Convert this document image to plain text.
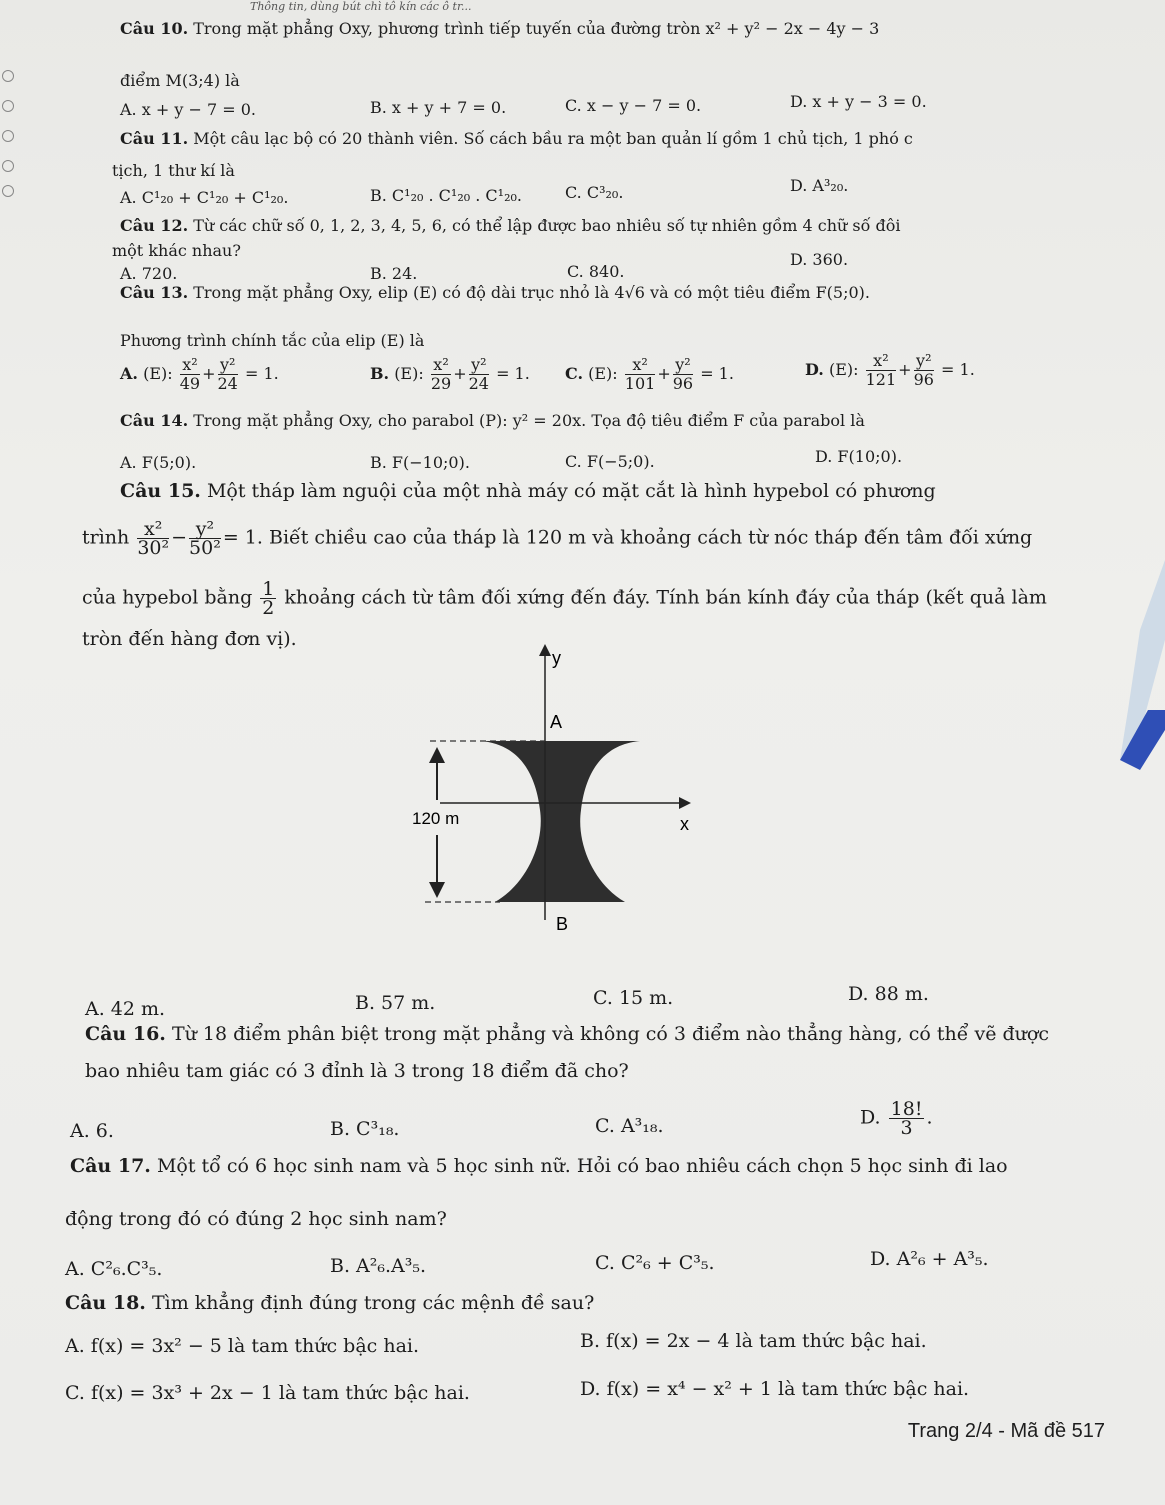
Thông tin, dùng bút chì tô kín các ô tr...
Câu 10. Trong mặt phẳng Oxy, phương trình tiếp tuyến của đường tròn x² + y² − 2x − 4y − 3
điểm M(3;4) là
A. x + y − 7 = 0.	B. x + y + 7 = 0.	C. x − y − 7 = 0.	D. x + y − 3 = 0.
Câu 11. Một câu lạc bộ có 20 thành viên. Số cách bầu ra một ban quản lí gồm 1 chủ tịch, 1 phó c
tịch, 1 thư kí là
A. C¹₂₀ + C¹₂₀ + C¹₂₀.	B. C¹₂₀ . C¹₂₀ . C¹₂₀.	C. C³₂₀.	D. A³₂₀.
Câu 12. Từ các chữ số 0, 1, 2, 3, 4, 5, 6, có thể lập được bao nhiêu số tự nhiên gồm 4 chữ số đôi
một khác nhau?
A. 720.	B. 24.	C. 840.
D. 360.
Câu 13. Trong mặt phẳng Oxy, elip (E) có độ dài trục nhỏ là 4√6 và có một tiêu điểm F(5;0).
Phương trình chính tắc của elip (E) là
A. (E): $\frac{\text{x²}}{49} + \frac{\text{y²}}{24} = 1$.	B. (E): $\frac{\text{x²}}{29} + \frac{\text{y²}}{24} = 1$. C. (E): $\frac{\text{x²}}{101} + \frac{\text{y²}}{96} = 1$.	D. (E): $\frac{\text{x²}}{121} + \frac{\text{y²}}{96} = 1$.
Câu 14. Trong mặt phẳng Oxy, cho parabol (P): y² = 20x. Tọa độ tiêu điểm F của parabol là
A. F(5;0).	B. F(−10;0).	C. F(−5;0).	D. F(10;0).
Câu 15. Một tháp làm nguội của một nhà máy có mặt cắt là hình hypebol có phương
trình $\frac{\text{x²}}{\text{30²}} - \frac{\text{y²}}{\text{50²}} = 1$. Biết chiều cao của tháp là 120 m và khoảng cách từ nóc tháp đến tâm đối xứng
của hypebol bằng $\frac{1}{2}$ khoảng cách từ tâm đối xứng đến đáy. Tính bán kính đáy của tháp (kết quả làm
tròn đến hàng đơn vị).
120 m
y
x
A
B
A. 42 m.	B. 57 m.	C. 15 m.	D. 88 m.
Câu 16. Từ 18 điểm phân biệt trong mặt phẳng và không có 3 điểm nào thẳng hàng, có thể vẽ được
bao nhiêu tam giác có 3 đỉnh là 3 trong 18 điểm đã cho?
A. 6.	B. C³₁₈.	C. A³₁₈.	D. $\frac{18!}{3}$ .
Câu 17. Một tổ có 6 học sinh nam và 5 học sinh nữ. Hỏi có bao nhiêu cách chọn 5 học sinh đi lao
động trong đó có đúng 2 học sinh nam?
A. C²₆.C³₅.	B. A²₆.A³₅.	C. C²₆ + C³₅.	D. A²₆ + A³₅.
Câu 18. Tìm khẳng định đúng trong các mệnh đề sau?
A. f(x) = 3x² − 5 là tam thức bậc hai.	B. f(x) = 2x − 4 là tam thức bậc hai.
C. f(x) = 3x³ + 2x − 1 là tam thức bậc hai.	D. f(x) = x⁴ − x² + 1 là tam thức bậc hai.
Trang 2/4 - Mã đề 517
